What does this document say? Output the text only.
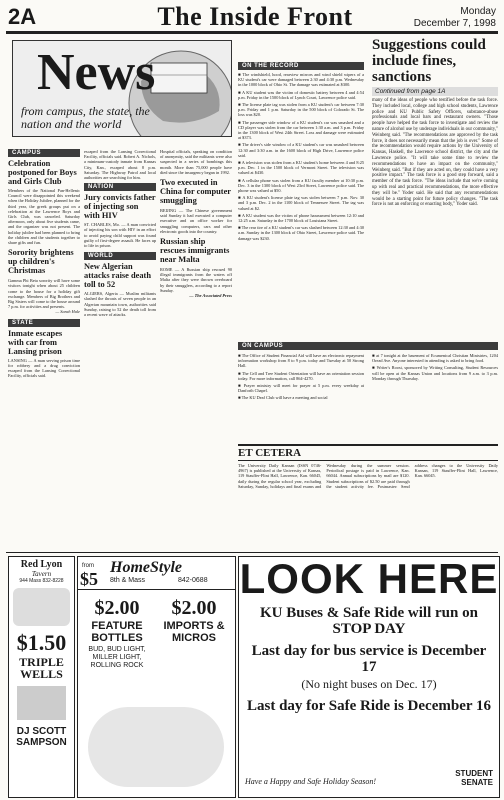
2A	The Inside Front	Monday
December 7, 1998
News
from campus, the state, the nation and the world
CAMPUS
Celebration postponed for Boys and Girls Club
Members of the National Pan-Hellenic Council were disappointed this weekend when the Holiday Jubilee, planned for the third year, the greek groups put on a celebration at the Lawrence Boys and Girls Club, was canceled. Saturday afternoon, only about five students came, and the organizer was not present. The holiday jubilee had been planned to bring the children and the students together to share gifts and fun.
Sorority brightens up children's Christmas
Gamma Phi Beta sorority will have some visitors tonight when about 25 children come to the house for a holiday gift exchange. Members of Big Brothers and Big Sisters will come to the house around 7 p.m. for activities and presents.
— Sarah Hale
STATE
Inmate escapes with car from Lansing prison
LANSING — A man serving prison time for robbery and a drug conviction escaped from the Lansing Correctional Facility, officials said.
escaped from the Lansing Correctional Facility, officials said. Robert A. Nichols, a minimum-custody inmate from Kansas City, Kan., escaped about 8 p.m. Saturday. The Highway Patrol and local authorities are searching for him.
NATION
Jury convicts father of injecting son with HIV
ST. CHARLES, Mo. — A man convicted of injecting his son with HIV in an effort to avoid paying child support was found guilty of first-degree assault. He faces up to life in prison.
WORLD
New Algerian attacks raise death toll to 52
ALGIERS, Algeria — Muslim militants slashed the throats of seven people in an Algerian mountain town, authorities said Sunday, raising to 52 the death toll from a recent wave of attacks.
Hospital officials, speaking on condition of anonymity, said the militants were also suspected in a series of bombings this month. More than 75,000 people have died since the insurgency began in 1992.
Two executed in China for computer smuggling
BEIJING — The Chinese government said Sunday it had executed a computer executive and an office worker for smuggling computers, cars and other electronic goods into the country.
Russian ship rescues immigrants near Malta
ROME — A Russian ship rescued 90 illegal immigrants from the waters off Malta after they were thrown overboard by their smugglers, according to a report Sunday.
— The Associated Press
ON THE RECORD
■ The windshield, hood, rearview mirrors and wind shield wipers of a KU student's car were damaged between 2:30 and 4:30 p.m. Wednesday in the 1000 block of Ohio St. The damage was estimated at $300.
■ A KU student was the victim of domestic battery between 4 and 4:54 p.m. Friday in the 1500 block of Lynch Court, Lawrence police said.
■ The license plate tag was stolen from a KU student's car between 7:30 p.m. Friday and 1 p.m. Saturday in the 500 block of Colorado St. The loss was $20.
■ The passenger side window of a KU student's car was smashed and a CD player was stolen from the car between 1:30 a.m. and 3 p.m. Friday in the 1300 block of West 24th Street. Loss and damage were estimated at $373.
■ The driver's side window of a KU student's car was smashed between 12:30 and 3:30 a.m. in the 1600 block of High Drive, Lawrence police said.
■ A television was stolen from a KU student's home between 4 and 8:25 p.m. Dec. 1 in the 1500 block of Vermont Street. The television was valued at $430.
■ A cellular phone was stolen from a KU faculty member at 10:30 p.m. Dec. 3 in the 1300 block of West 23rd Street, Lawrence police said. The phone was valued at $50.
■ A KU student's license plate tag was stolen between 7 p.m. Nov. 30 and 3 p.m. Dec. 2 in the 1100 block of Tennessee Street. The tag was valued at $2.
■ A KU student was the victim of phone harassment between 12:10 and 12:25 a.m. Saturday in the 1700 block of Louisiana Street.
■ The rear tire of a KU student's car was slashed between 12:30 and 4:30 a.m. Sunday in the 1300 block of Ohio Street, Lawrence police said. The damage was $230.
Suggestions could include fines, sanctions
Continued from page 1A
many of the ideas of people who testified before the task force. They included local, college and high school students, Lawrence police and KU Public Safety Officers, substance-abuse professionals and local bars and restaurant owners. "Those people have helped the task force to investigate and review the nature of alcohol use by underage individuals in our community," Weinberg said. "The recommendations are approved by the task force, it does not necessarily mean that the job is over." Some of the recommendation would require actions by the University of Kansas, Haskell, the Lawrence school district, the city and the Lawrence police. "It will take some time to review the recommendations to have an impact on the community," Weinberg said. "But if they are acted on, they could have a very positive impact." The task force is a good step forward, said a member of the task force. "The ideas include that we're coming up with real and practical recommendations, the more effective they will be." Yoder said. He said that any recommendations would be a starting point for future policy changes. "The task force is not an enforcing or enacting body," Yoder said.
ON CAMPUS
■ The Office of Student Financial Aid will have an electronic repayment information workshop from 8 to 9 p.m. today and Tuesday at 50 Strong Hall.
■ The Cell and Tree Student Orientation will have an orientation session today. For more information, call 864-4270.
■ Prayer ministry will meet for prayer at 5 p.m. every weekday at Danforth Chapel.
■ The KU Deaf Club will have a meeting and social
■ at 7 tonight at the basement of Ecumenical Christian Ministries, 1204 Oread Ave. Anyone interested in attending is asked to bring food.
■ Writer's Roost, sponsored by Writing Consulting, Student Resources will be open at the Kansas Union and locations from 9 a.m. to 3 p.m. Monday through Thursday.
ET CETERA
The University Daily Kansan (ISSN 0746-4967) is published at the University of Kansas, 119 Stauffer-Flint Hall, Lawrence, Kan. 66045, daily during the regular school year, excluding Saturday, Sunday, holidays and final exams and Wednesday during the summer session. Periodical postage is paid in Lawrence, Kan. 66044. Annual subscriptions by mail are $120. Student subscriptions of $2.50 are paid through the student activity fee. Postmaster: Send address changes to the University Daily Kansan, 119 Stauffer-Flint Hall, Lawrence, Kan. 66045.
Red Lyon
Tavern
944 Mass 832-8228
$1.50
TRIPLE WELLS
DJ SCOTT SAMPSON
from
$5
HomeStyle
8th & Mass	842-0688
$2.00
FEATURE BOTTLES
BUD, BUD LIGHT, MILLER LIGHT, ROLLING ROCK
$2.00
IMPORTS & MICROS
LOOK HERE
KU Buses & Safe Ride will run on STOP DAY
Last day for bus service is December 17
(No night buses on Dec. 17)
Last day for Safe Ride is December 16
Have a Happy and Safe Holiday Season!
STUDENT
SENATE
